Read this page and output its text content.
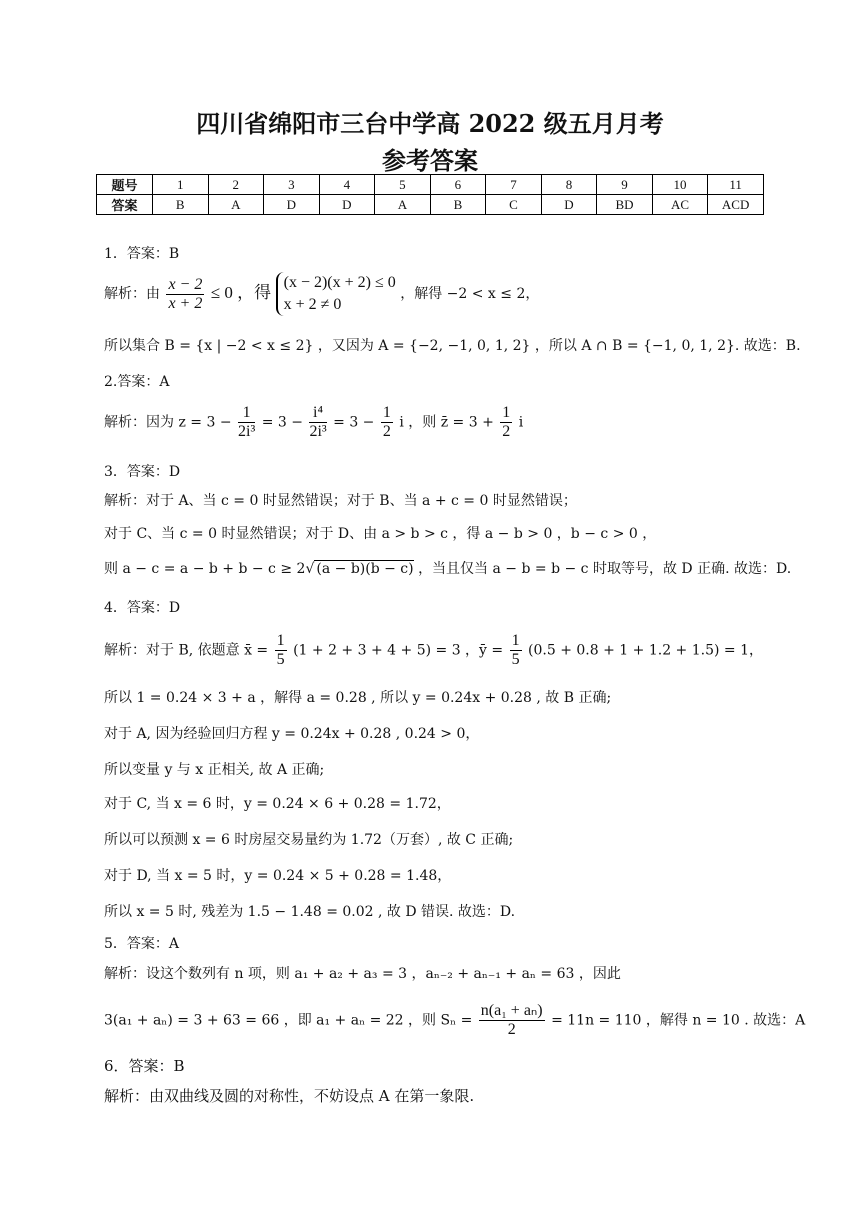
四川省绵阳市三台中学高 2022 级五月月考
参考答案
题号	1	2	3	4	5	6	7	8	9	10	11
答案	B	A	D	D	A	B	C	D	BD	AC	ACD
1．答案：B
解析：由 $\frac{x - 2}{x + 2} \le 0$ ，得
(x − 2)(x + 2) ≤ 0
x + 2 ≠ 0
，解得 −2 < x ≤ 2，
所以集合 B = {x | −2 < x ≤ 2} ，又因为 A = {−2, −1, 0, 1, 2} ，所以 A ∩ B = {−1, 0, 1, 2}. 故选：B.
2.答案：A
解析：因为 $z = 3 - \frac{1}{\text{2i³}} = 3 - \frac{\text{i⁴}}{\text{2i³}} = 3 - \frac{1}{2}$ i ，则 z̄ = $3 + \frac{1}{2}$ i
3．答案：D
解析：对于 A、当 c = 0 时显然错误；对于 B、当 a + c = 0 时显然错误；
对于 C、当 c = 0 时显然错误；对于 D、由 a > b > c ，得 a − b > 0 ，b − c > 0 ，
则 a − c = a − b + b − c ≥ 2√ (a − b)(b − c) ，当且仅当 a − b = b − c 时取等号，故 D 正确. 故选：D.
4．答案：D
解析：对于 B, 依题意 x̄ = $\frac{1}{5} (1 + 2 + 3 + 4 + 5) = 3$ ，ȳ = $\frac{1}{5} (0.5 + 0.8 + 1 + 1.2 + 1.5) = 1$，
所以 1 = 0.24 × 3 + a ，解得 a = 0.28 , 所以 y = 0.24x + 0.28 , 故 B 正确;
对于 A, 因为经验回归方程 y = 0.24x + 0.28 , 0.24 > 0，
所以变量 y 与 x 正相关, 故 A 正确;
对于 C, 当 x = 6 时，y = 0.24 × 6 + 0.28 = 1.72，
所以可以预测 x = 6 时房屋交易量约为 1.72（万套）, 故 C 正确;
对于 D, 当 x = 5 时，y = 0.24 × 5 + 0.28 = 1.48，
所以 x = 5 时, 残差为 1.5 − 1.48 = 0.02 , 故 D 错误. 故选：D.
5．答案：A
解析：设这个数列有 n 项，则 a₁ + a₂ + a₃ = 3 ，aₙ₋₂ + aₙ₋₁ + aₙ = 63 ，因此
3(a₁ + aₙ) = 3 + 63 = 66 ，即 a₁ + aₙ = 22 ，则 $S_n = \frac{\text{n(a₁ + aₙ)}}{2} = 11n = 110$ ，解得 n = 10 . 故选：A
6．答案：B
解析：由双曲线及圆的对称性，不妨设点 A 在第一象限.
